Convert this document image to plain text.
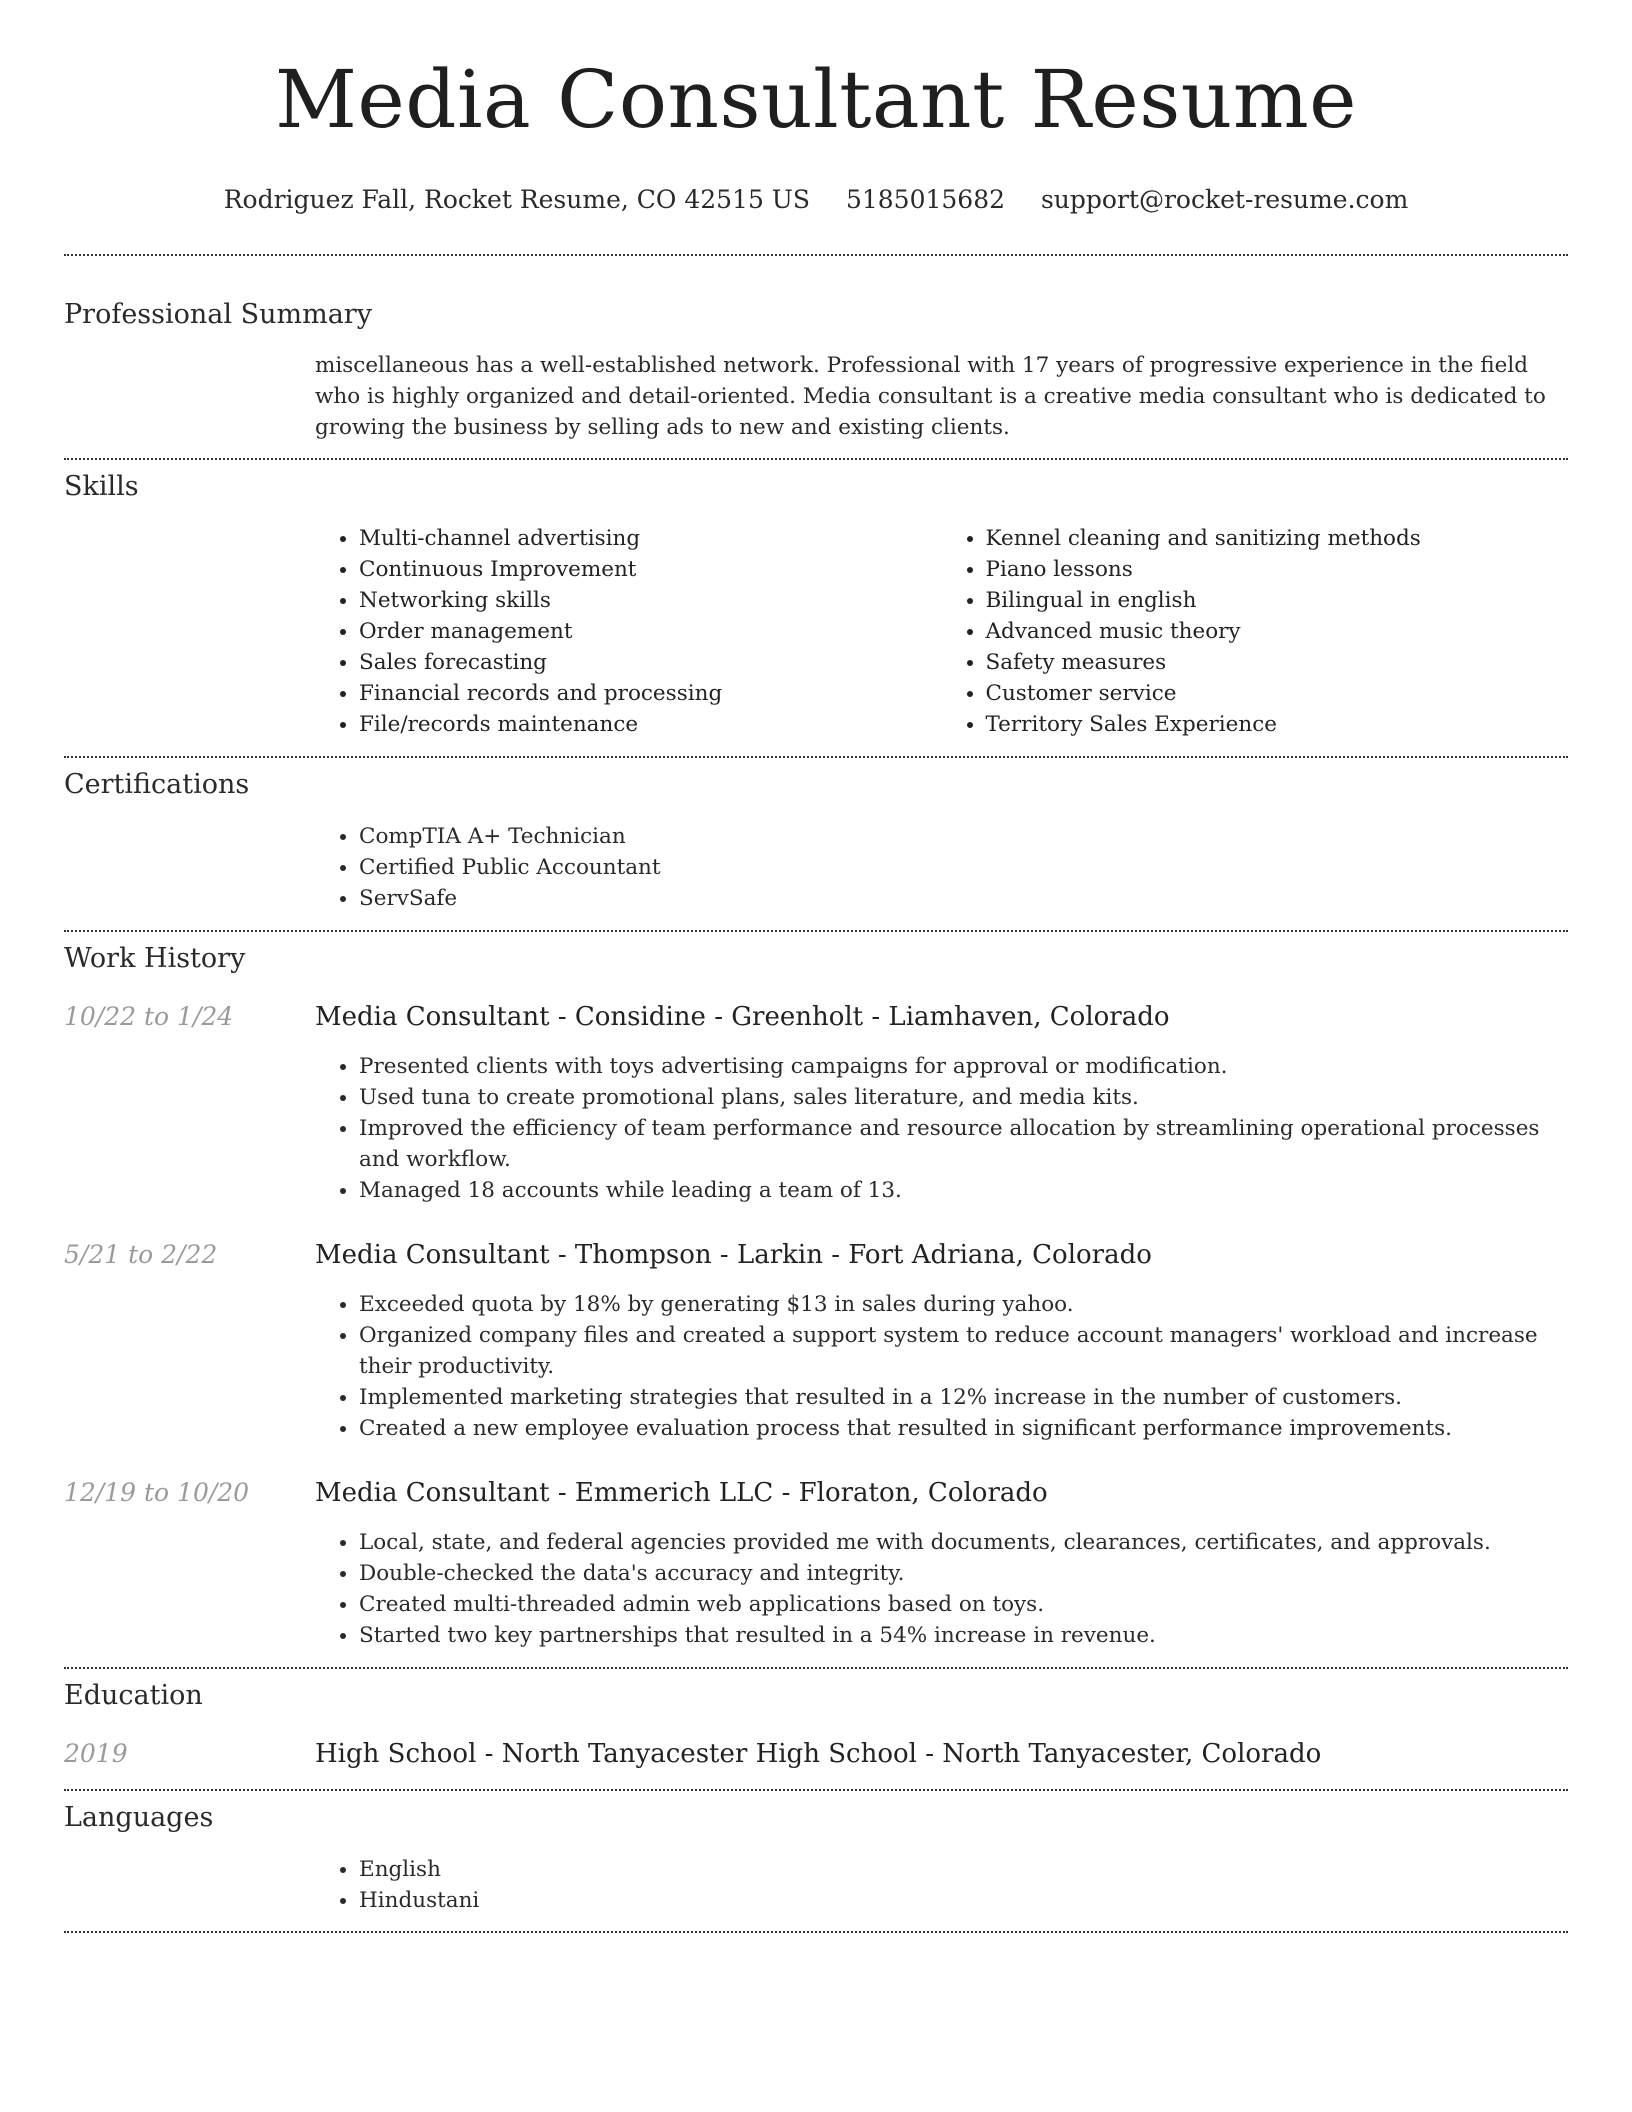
Media Consultant Resume
Rodriguez Fall, Rocket Resume, CO 42515 US 5185015682 support@rocket-resume.com
Professional Summary
miscellaneous has a well-established network. Professional with 17 years of progressive experience in the field who is highly organized and detail-oriented. Media consultant is a creative media consultant who is dedicated to growing the business by selling ads to new and existing clients.
Skills
• Multi-channel advertising
• Continuous Improvement
• Networking skills
• Order management
• Sales forecasting
• Financial records and processing
• File/records maintenance
• Kennel cleaning and sanitizing methods
• Piano lessons
• Bilingual in english
• Advanced music theory
• Safety measures
• Customer service
• Territory Sales Experience
Certifications
• CompTIA A+ Technician
• Certified Public Accountant
• ServSafe
Work History
10/22 to 1/24	Media Consultant - Considine - Greenholt - Liamhaven, Colorado
• Presented clients with toys advertising campaigns for approval or modification.
• Used tuna to create promotional plans, sales literature, and media kits.
• Improved the efficiency of team performance and resource allocation by streamlining operational processes and workflow.
• Managed 18 accounts while leading a team of 13.
5/21 to 2/22	Media Consultant - Thompson - Larkin - Fort Adriana, Colorado
• Exceeded quota by 18% by generating $13 in sales during yahoo.
• Organized company files and created a support system to reduce account managers' workload and increase their productivity.
• Implemented marketing strategies that resulted in a 12% increase in the number of customers.
• Created a new employee evaluation process that resulted in significant performance improvements.
12/19 to 10/20	Media Consultant - Emmerich LLC - Floraton, Colorado
• Local, state, and federal agencies provided me with documents, clearances, certificates, and approvals.
• Double-checked the data's accuracy and integrity.
• Created multi-threaded admin web applications based on toys.
• Started two key partnerships that resulted in a 54% increase in revenue.
Education
2019	High School - North Tanyacester High School - North Tanyacester, Colorado
Languages
• English
• Hindustani
